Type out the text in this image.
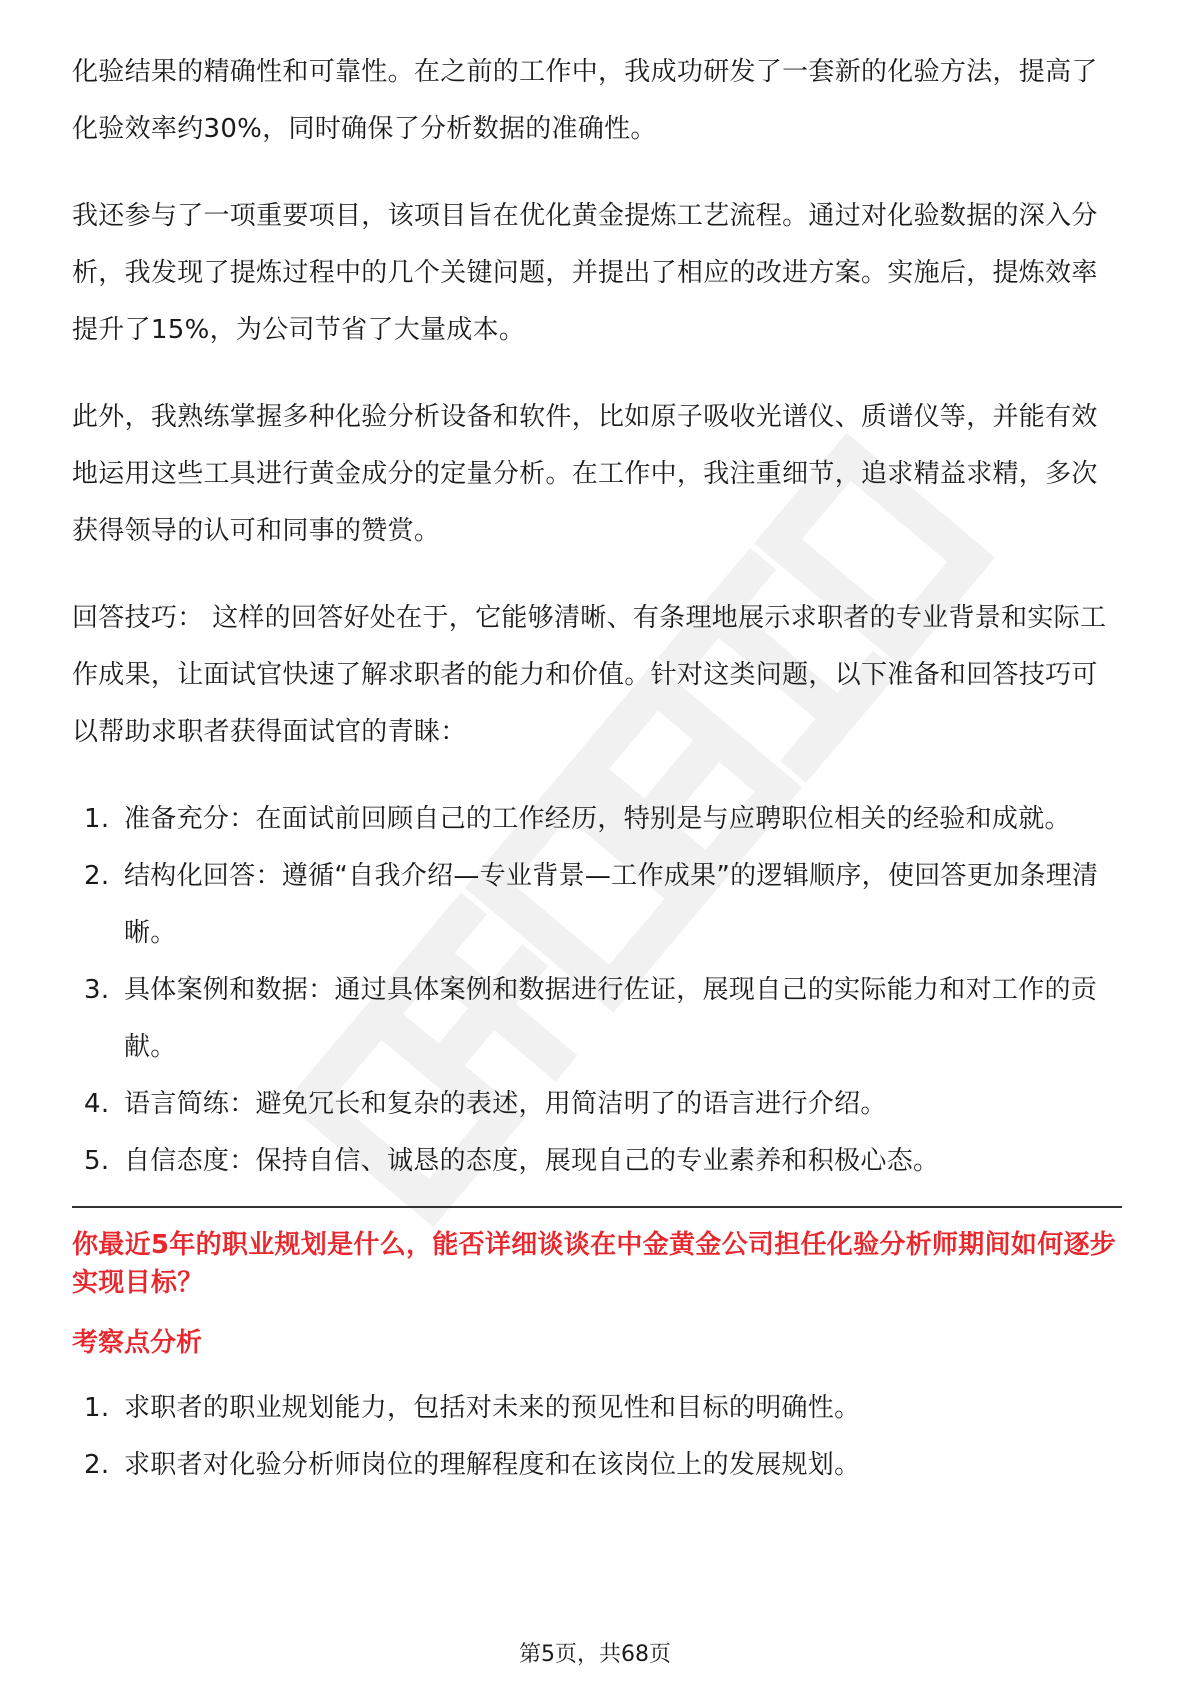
化验结果的精确性和可靠性。在之前的工作中，我成功研发了一套新的化验方法，提高了化验效率约30%，同时确保了分析数据的准确性。

我还参与了一项重要项目，该项目旨在优化黄金提炼工艺流程。通过对化验数据的深入分析，我发现了提炼过程中的几个关键问题，并提出了相应的改进方案。实施后，提炼效率提升了15%，为公司节省了大量成本。

此外，我熟练掌握多种化验分析设备和软件，比如原子吸收光谱仪、质谱仪等，并能有效地运用这些工具进行黄金成分的定量分析。在工作中，我注重细节，追求精益求精，多次获得领导的认可和同事的赞赏。

回答技巧： 这样的回答好处在于，它能够清晰、有条理地展示求职者的专业背景和实际工作成果，让面试官快速了解求职者的能力和价值。针对这类问题，以下准备和回答技巧可以帮助求职者获得面试官的青睐：

1. 准备充分：在面试前回顾自己的工作经历，特别是与应聘职位相关的经验和成就。
2. 结构化回答：遵循“自我介绍—专业背景—工作成果”的逻辑顺序，使回答更加条理清晰。
3. 具体案例和数据：通过具体案例和数据进行佐证，展现自己的实际能力和对工作的贡献。
4. 语言简练：避免冗长和复杂的表述，用简洁明了的语言进行介绍。
5. 自信态度：保持自信、诚恳的态度，展现自己的专业素养和积极心态。

你最近5年的职业规划是什么，能否详细谈谈在中金黄金公司担任化验分析师期间如何逐步实现目标？

考察点分析

1. 求职者的职业规划能力，包括对未来的预见性和目标的明确性。
2. 求职者对化验分析师岗位的理解程度和在该岗位上的发展规划。
第5页，共68页
